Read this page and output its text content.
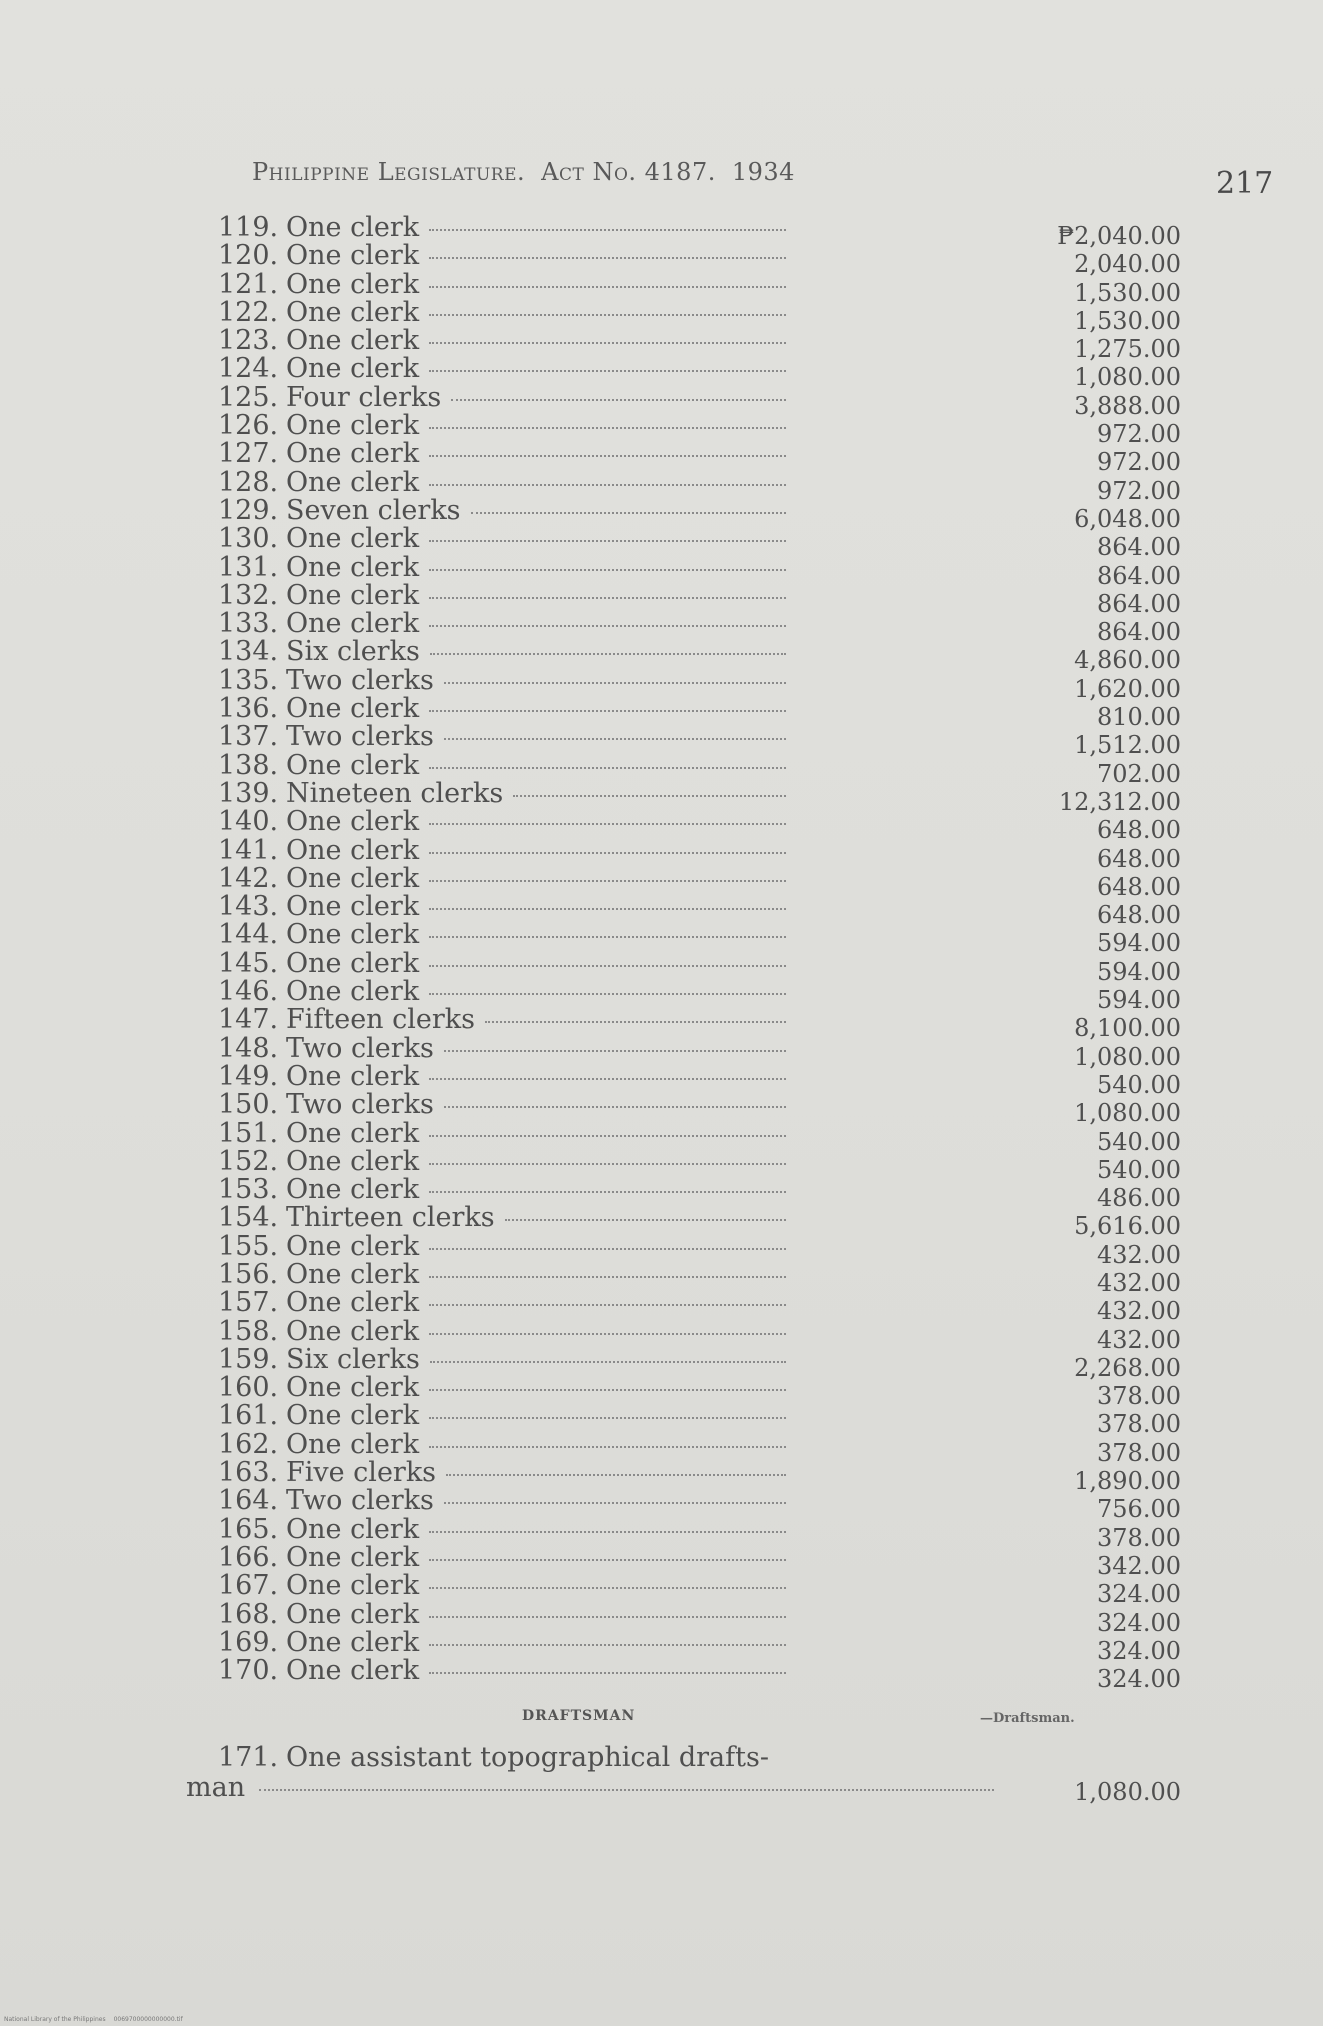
Philippine Legislature. Act No. 4187. 1934	217
119. One clerk	₱2,040.00
120. One clerk	2,040.00
121. One clerk	1,530.00
122. One clerk	1,530.00
123. One clerk	1,275.00
124. One clerk	1,080.00
125. Four clerks	3,888.00
126. One clerk	972.00
127. One clerk	972.00
128. One clerk	972.00
129. Seven clerks	6,048.00
130. One clerk	864.00
131. One clerk	864.00
132. One clerk	864.00
133. One clerk	864.00
134. Six clerks	4,860.00
135. Two clerks	1,620.00
136. One clerk	810.00
137. Two clerks	1,512.00
138. One clerk	702.00
139. Nineteen clerks	12,312.00
140. One clerk	648.00
141. One clerk	648.00
142. One clerk	648.00
143. One clerk	648.00
144. One clerk	594.00
145. One clerk	594.00
146. One clerk	594.00
147. Fifteen clerks	8,100.00
148. Two clerks	1,080.00
149. One clerk	540.00
150. Two clerks	1,080.00
151. One clerk	540.00
152. One clerk	540.00
153. One clerk	486.00
154. Thirteen clerks	5,616.00
155. One clerk	432.00
156. One clerk	432.00
157. One clerk	432.00
158. One clerk	432.00
159. Six clerks	2,268.00
160. One clerk	378.00
161. One clerk	378.00
162. One clerk	378.00
163. Five clerks	1,890.00
164. Two clerks	756.00
165. One clerk	378.00
166. One clerk	342.00
167. One clerk	324.00
168. One clerk	324.00
169. One clerk	324.00
170. One clerk	324.00
DRAFTSMAN	—Draftsman.
171. One assistant topographical drafts-
man	1,080.00
National Library of the Philippines 0069700000000000.tif
